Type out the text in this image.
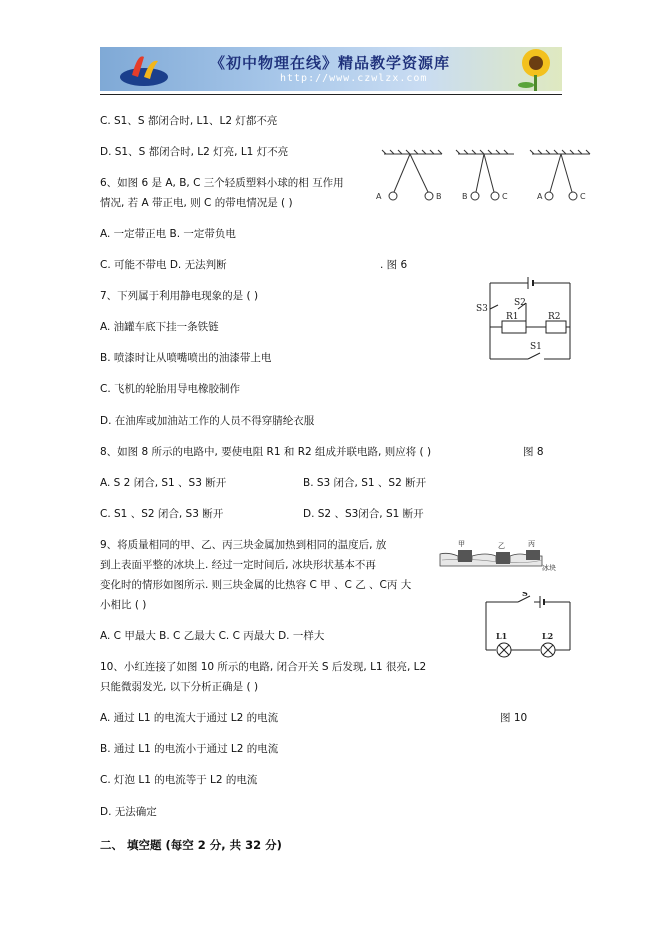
《初中物理在线》精品教学资源库
http://www.czwlzx.com
C. S1、S 都闭合时, L1、L2 灯都不亮
D. S1、S 都闭合时, L2 灯亮, L1 灯不亮
6、如图 6 是 A, B, C 三个轻质塑料小球的相 互作用
情况, 若 A 带正电, 则 C 的带电情况是 ( )
A. 一定带正电 B. 一定带负电
C. 可能不带电 D. 无法判断	. 图 6
7、下列属于利用静电现象的是 ( )
A. 油罐车底下挂一条铁链
B. 喷漆时让从喷嘴喷出的油漆带上电
C. 飞机的轮胎用导电橡胶制作
D. 在油库或加油站工作的人员不得穿腈纶衣服
8、如图 8 所示的电路中, 要使电阻 R1 和 R2 组成并联电路, 则应将 ( )	图 8
A. S 2 闭合, S1 、S3 断开	B. S3 闭合, S1 、S2 断开
C. S1 、S2 闭合, S3 断开	D. S2 、S3闭合, S1 断开
9、将质量相同的甲、乙、丙三块金属加热到相同的温度后, 放
到上表面平整的冰块上. 经过一定时间后, 冰块形状基本不再
变化时的情形如图所示. 则三块金属的比热容 C 甲 、C 乙 、C丙 大
小相比 ( )
A. C 甲最大 B. C 乙最大 C. C 丙最大 D. 一样大
10、小红连接了如图 10 所示的电路, 闭合开关 S 后发现, L1 很亮, L2
只能微弱发光, 以下分析正确是 ( )
A. 通过 L1 的电流大于通过 L2 的电流	图 10
B. 通过 L1 的电流小于通过 L2 的电流
C. 灯泡 L1 的电流等于 L2 的电流
D. 无法确定
二、 填空题 (每空 2 分, 共 32 分)
A	B	B	C	A	C
S3
S2
R1	R2
S1
甲	乙	丙
冰块
S
L1	L2
